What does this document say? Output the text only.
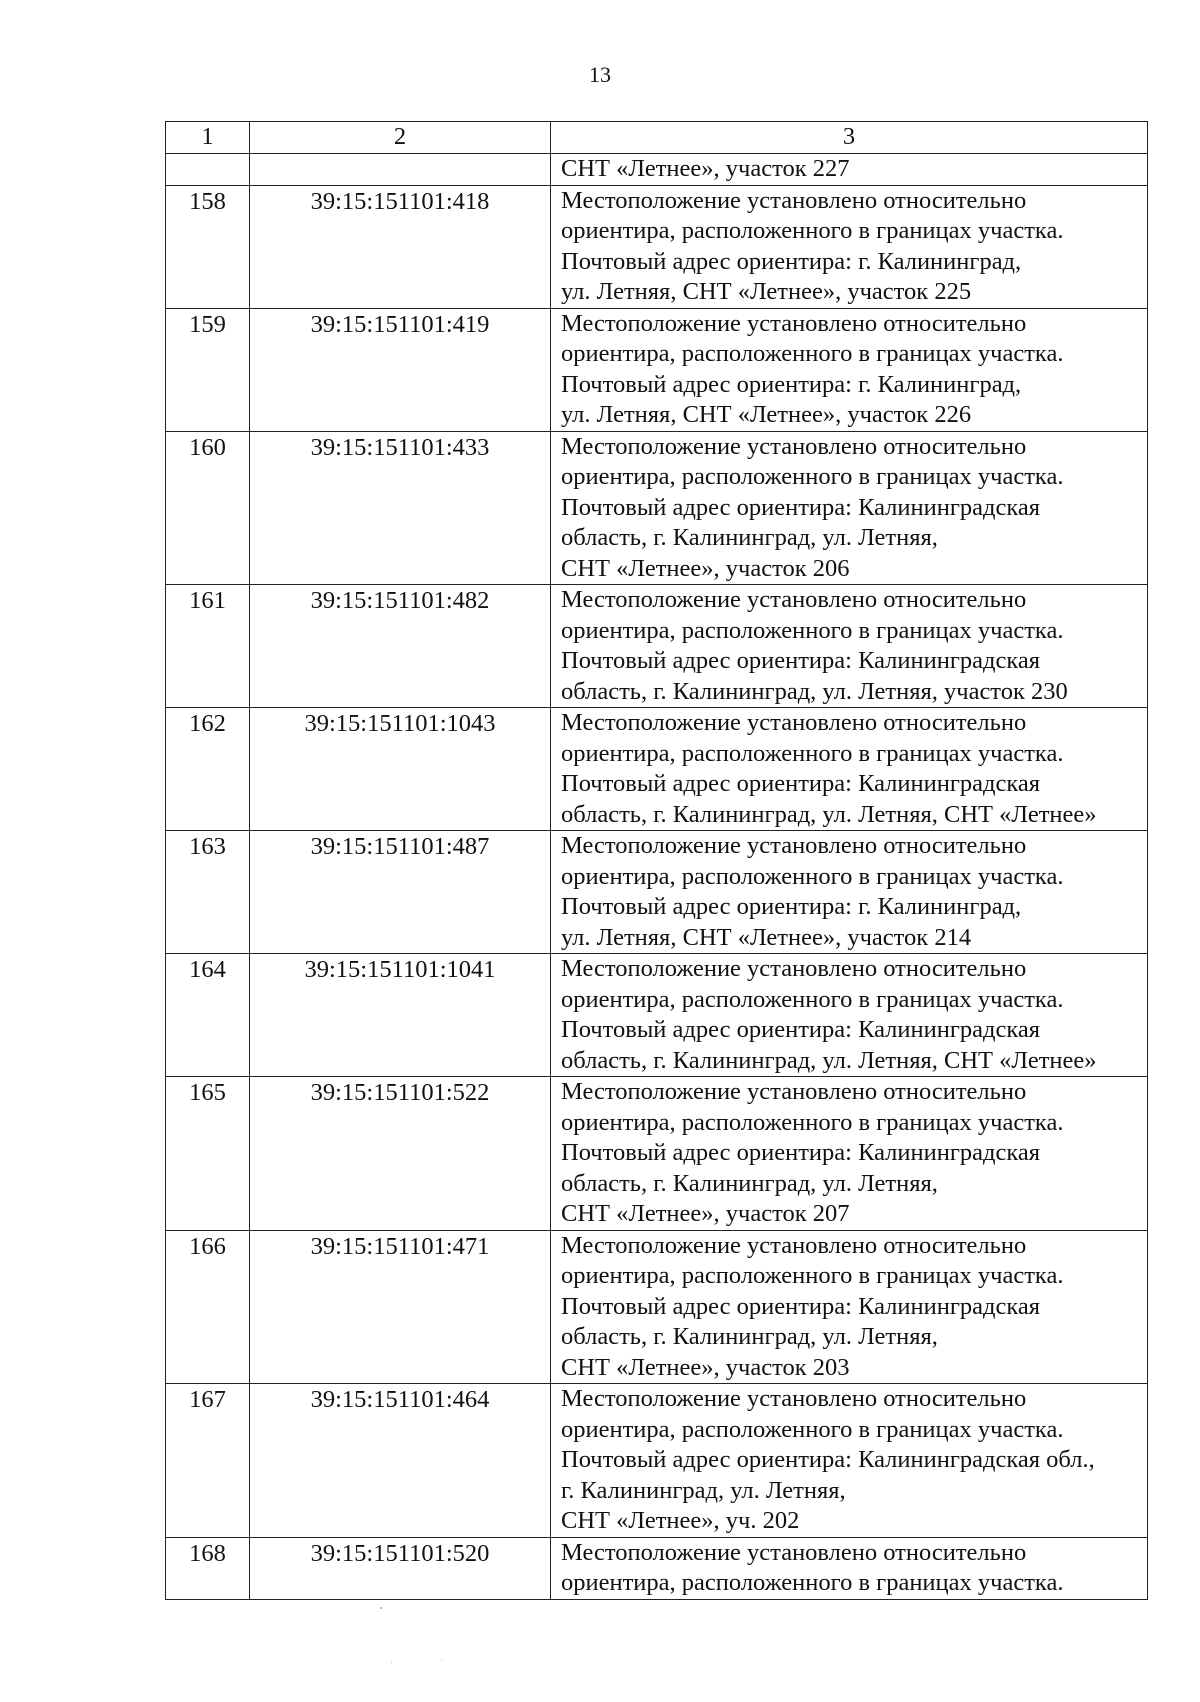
13
1	2	3

		СНТ «Летнее», участок 227

158	39:15:151101:418	Местоположение установлено относительно
ориентира, расположенного в границах участка.
Почтовый адрес ориентира: г. Калининград,
ул. Летняя, СНТ «Летнее», участок 225

159	39:15:151101:419	Местоположение установлено относительно
ориентира, расположенного в границах участка.
Почтовый адрес ориентира: г. Калининград,
ул. Летняя, СНТ «Летнее», участок 226

160	39:15:151101:433	Местоположение установлено относительно
ориентира, расположенного в границах участка.
Почтовый адрес ориентира: Калининградская
область, г. Калининград, ул. Летняя,
СНТ «Летнее», участок 206

161	39:15:151101:482	Местоположение установлено относительно
ориентира, расположенного в границах участка.
Почтовый адрес ориентира: Калининградская
область, г. Калининград, ул. Летняя, участок 230

162	39:15:151101:1043	Местоположение установлено относительно
ориентира, расположенного в границах участка.
Почтовый адрес ориентира: Калининградская
область, г. Калининград, ул. Летняя, СНТ «Летнее»

163	39:15:151101:487	Местоположение установлено относительно
ориентира, расположенного в границах участка.
Почтовый адрес ориентира: г. Калининград,
ул. Летняя, СНТ «Летнее», участок 214

164	39:15:151101:1041	Местоположение установлено относительно
ориентира, расположенного в границах участка.
Почтовый адрес ориентира: Калининградская
область, г. Калининград, ул. Летняя, СНТ «Летнее»

165	39:15:151101:522	Местоположение установлено относительно
ориентира, расположенного в границах участка.
Почтовый адрес ориентира: Калининградская
область, г. Калининград, ул. Летняя,
СНТ «Летнее», участок 207

166	39:15:151101:471	Местоположение установлено относительно
ориентира, расположенного в границах участка.
Почтовый адрес ориентира: Калининградская
область, г. Калининград, ул. Летняя,
СНТ «Летнее», участок 203

167	39:15:151101:464	Местоположение установлено относительно
ориентира, расположенного в границах участка.
Почтовый адрес ориентира: Калининградская обл.,
г. Калининград, ул. Летняя,
СНТ «Летнее», уч. 202

168	39:15:151101:520	Местоположение установлено относительно
ориентира, расположенного в границах участка.
